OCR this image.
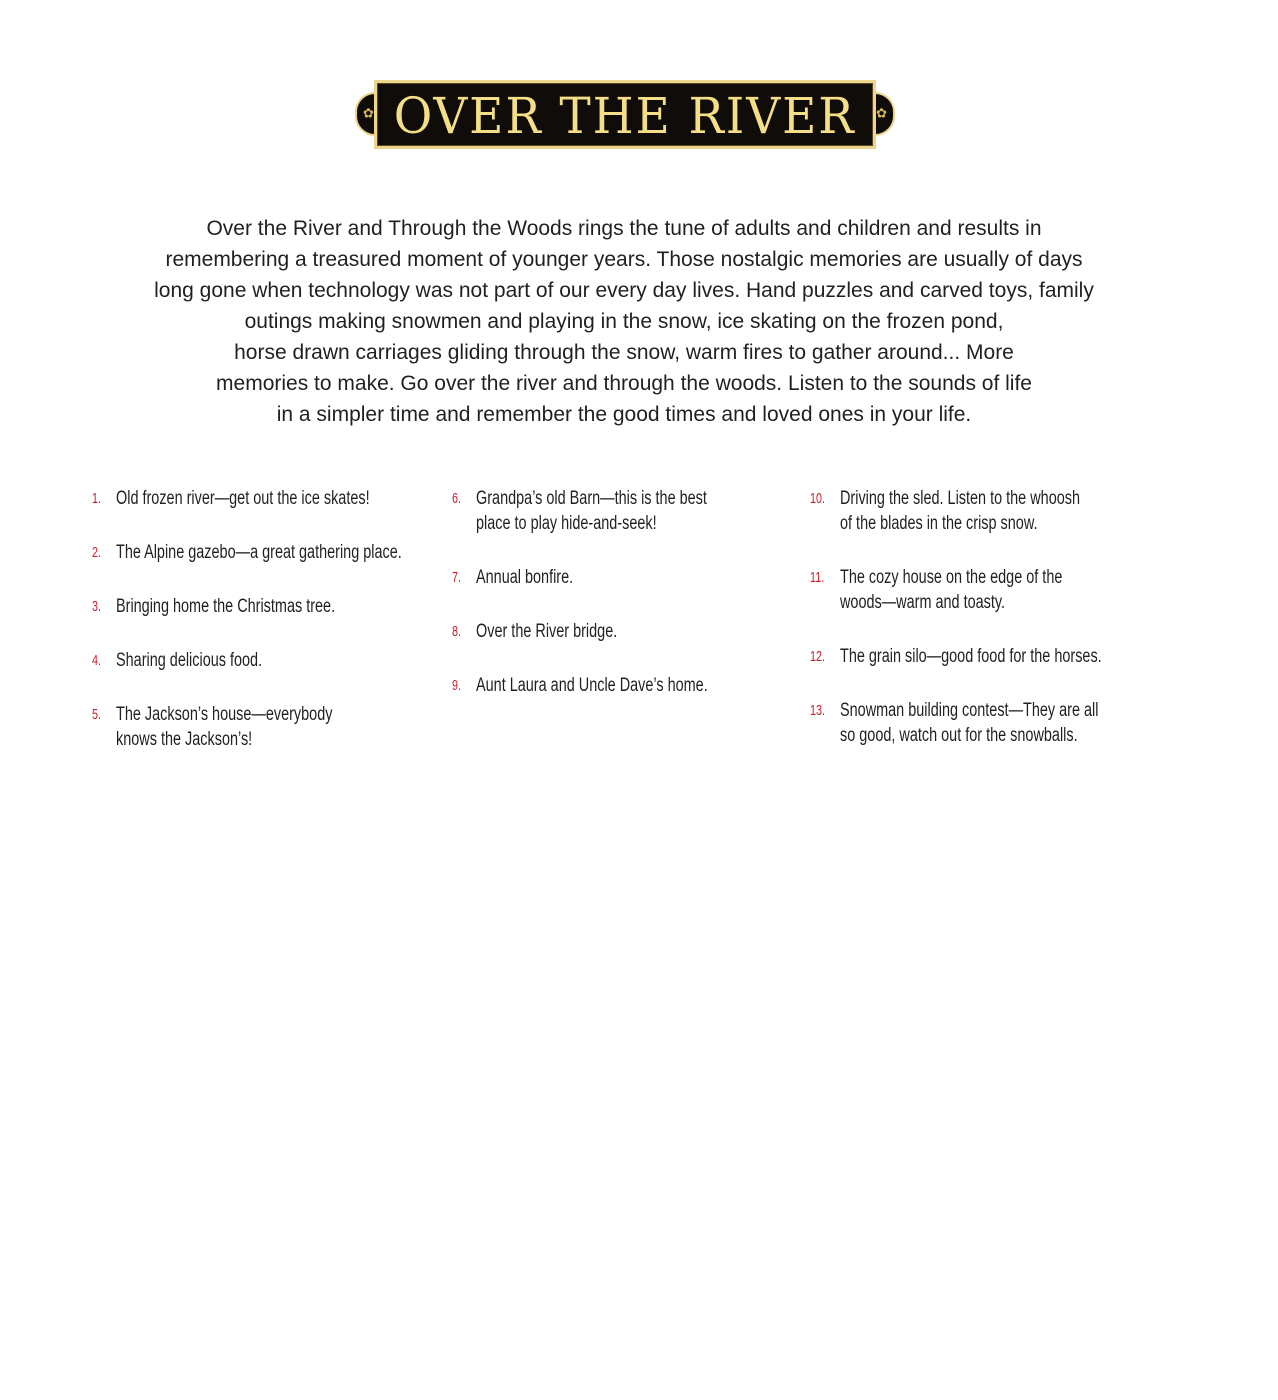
✿	✿
OVER THE RIVER
Over the River and Through the Woods rings the tune of adults and children and results in
remembering a treasured moment of younger years. Those nostalgic memories are usually of days
long gone when technology was not part of our every day lives. Hand puzzles and carved toys, family
outings making snowmen and playing in the snow, ice skating on the frozen pond,
horse drawn carriages gliding through the snow, warm fires to gather around... More
memories to make. Go over the river and through the woods. Listen to the sounds of life
in a simpler time and remember the good times and loved ones in your life.
1. Old frozen river—get out the ice skates!
2. The Alpine gazebo—a great gathering place.
3. Bringing home the Christmas tree.
4. Sharing delicious food.
5. The Jackson’s house—everybody
knows the Jackson’s!
6. Grandpa’s old Barn—this is the best
place to play hide-and-seek!
7. Annual bonfire.
8. Over the River bridge.
9. Aunt Laura and Uncle Dave’s home.
10. Driving the sled. Listen to the whoosh
of the blades in the crisp snow.
11. The cozy house on the edge of the
woods—warm and toasty.
12. The grain silo—good food for the horses.
13. Snowman building contest—They are all
so good, watch out for the snowballs.
